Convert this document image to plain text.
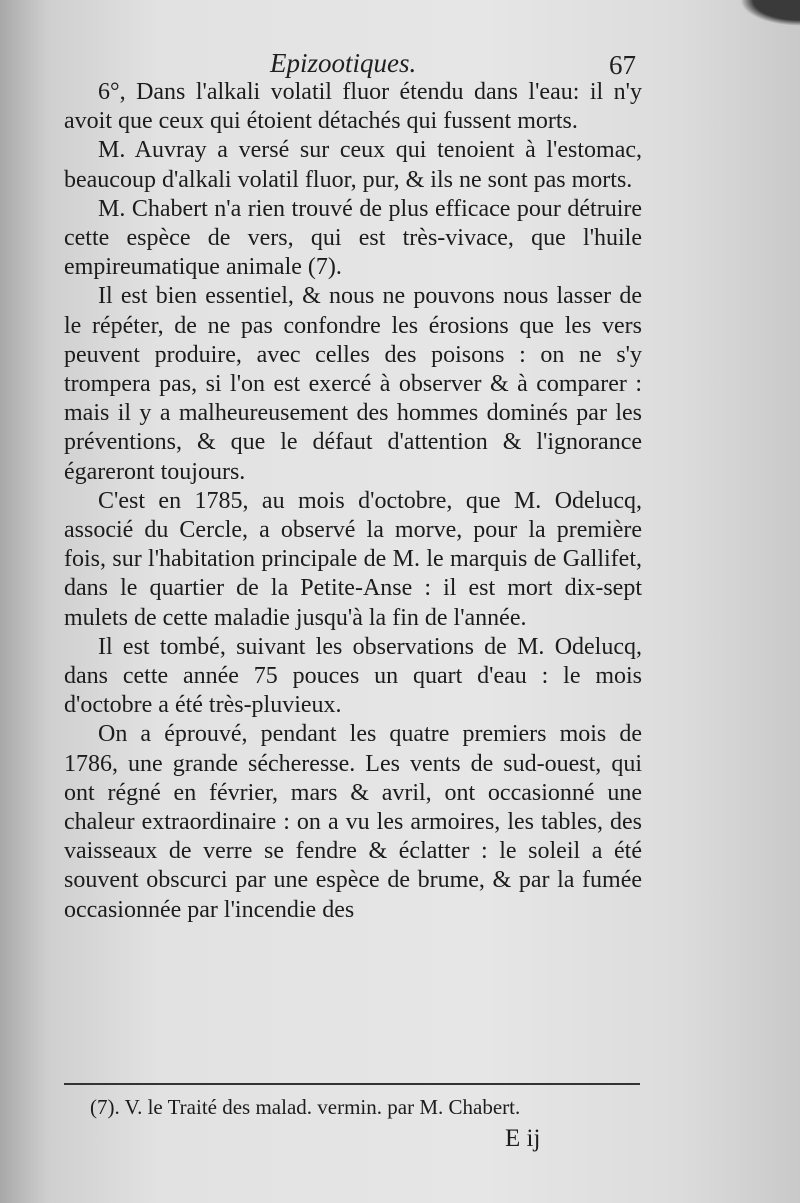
Epizootiques.	67

6°, Dans l'alkali volatil fluor étendu dans l'eau: il n'y avoit que ceux qui étoient détachés qui fussent morts.

M. Auvray a versé sur ceux qui tenoient à l'estomac, beaucoup d'alkali volatil fluor, pur, & ils ne sont pas morts.

M. Chabert n'a rien trouvé de plus efficace pour détruire cette espèce de vers, qui est très-vivace, que l'huile empireumatique animale (7).

Il est bien essentiel, & nous ne pouvons nous lasser de le répéter, de ne pas confondre les érosions que les vers peuvent produire, avec celles des poisons : on ne s'y trompera pas, si l'on est exercé à observer & à comparer : mais il y a malheureusement des hommes dominés par les préventions, & que le défaut d'attention & l'ignorance égareront toujours.

C'est en 1785, au mois d'octobre, que M. Odelucq, associé du Cercle, a observé la morve, pour la première fois, sur l'habitation principale de M. le marquis de Gallifet, dans le quartier de la Petite-Anse : il est mort dix-sept mulets de cette maladie jusqu'à la fin de l'année.

Il est tombé, suivant les observations de M. Odelucq, dans cette année 75 pouces un quart d'eau : le mois d'octobre a été très-pluvieux.

On a éprouvé, pendant les quatre premiers mois de 1786, une grande sécheresse. Les vents de sud-ouest, qui ont régné en février, mars & avril, ont occasionné une chaleur extraordinaire : on a vu les armoires, les tables, des vaisseaux de verre se fendre & éclatter : le soleil a été souvent obscurci par une espèce de brume, & par la fumée occasionnée par l'incendie des

(7). V. le Traité des malad. vermin. par M. Chabert.
E ij
